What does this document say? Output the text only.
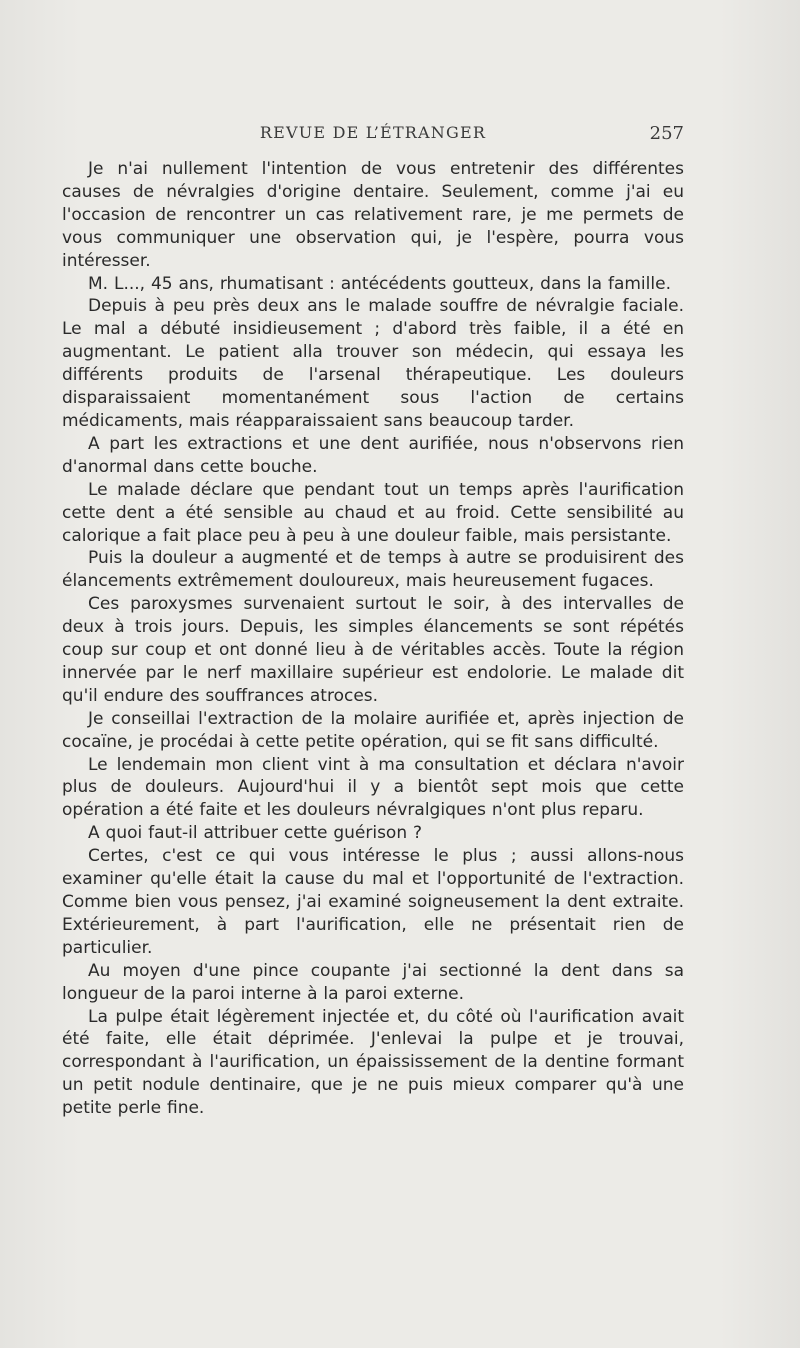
REVUE DE L’ÉTRANGER	257

Je n'ai nullement l'intention de vous entretenir des différentes causes de névralgies d'origine dentaire. Seulement, comme j'ai eu l'occasion de rencontrer un cas relativement rare, je me permets de vous communiquer une observation qui, je l'espère, pourra vous intéresser.

M. L..., 45 ans, rhumatisant : antécédents goutteux, dans la famille.

Depuis à peu près deux ans le malade souffre de névralgie faciale. Le mal a débuté insidieusement ; d'abord très faible, il a été en augmentant. Le patient alla trouver son médecin, qui essaya les différents produits de l'arsenal thérapeutique. Les douleurs disparaissaient momentanément sous l'action de certains médicaments, mais réapparaissaient sans beaucoup tarder.

A part les extractions et une dent aurifiée, nous n'observons rien d'anormal dans cette bouche.

Le malade déclare que pendant tout un temps après l'aurification cette dent a été sensible au chaud et au froid. Cette sensibilité au calorique a fait place peu à peu à une douleur faible, mais persistante.

Puis la douleur a augmenté et de temps à autre se produisirent des élancements extrêmement douloureux, mais heureusement fugaces.

Ces paroxysmes survenaient surtout le soir, à des intervalles de deux à trois jours. Depuis, les simples élancements se sont répétés coup sur coup et ont donné lieu à de véritables accès. Toute la région innervée par le nerf maxillaire supérieur est endolorie. Le malade dit qu'il endure des souffrances atroces.

Je conseillai l'extraction de la molaire aurifiée et, après injection de cocaïne, je procédai à cette petite opération, qui se fit sans difficulté.

Le lendemain mon client vint à ma consultation et déclara n'avoir plus de douleurs. Aujourd'hui il y a bientôt sept mois que cette opération a été faite et les douleurs névralgiques n'ont plus reparu.

A quoi faut-il attribuer cette guérison ?

Certes, c'est ce qui vous intéresse le plus ; aussi allons-nous examiner qu'elle était la cause du mal et l'opportunité de l'extraction. Comme bien vous pensez, j'ai examiné soigneusement la dent extraite. Extérieurement, à part l'aurification, elle ne présentait rien de particulier.

Au moyen d'une pince coupante j'ai sectionné la dent dans sa longueur de la paroi interne à la paroi externe.

La pulpe était légèrement injectée et, du côté où l'aurification avait été faite, elle était déprimée. J'enlevai la pulpe et je trouvai, correspondant à l'aurification, un épaississement de la dentine formant un petit nodule dentinaire, que je ne puis mieux comparer qu'à une petite perle fine.
